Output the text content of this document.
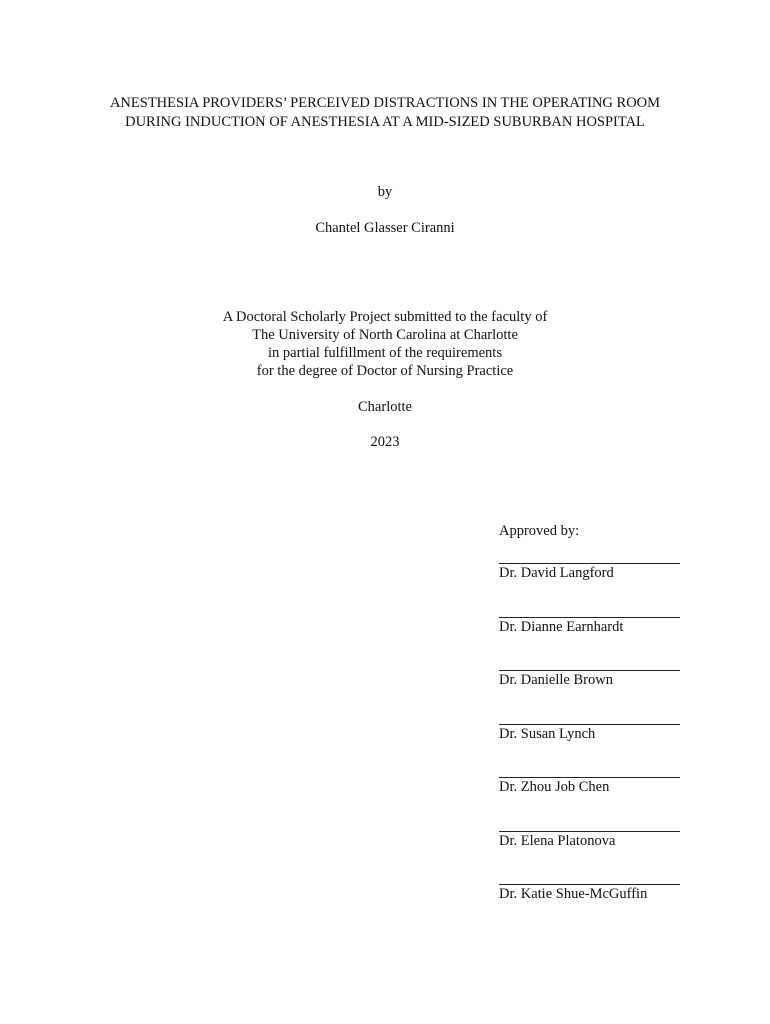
ANESTHESIA PROVIDERS’ PERCEIVED DISTRACTIONS IN THE OPERATING ROOM
DURING INDUCTION OF ANESTHESIA AT A MID-SIZED SUBURBAN HOSPITAL
by
Chantel Glasser Ciranni
A Doctoral Scholarly Project submitted to the faculty of
The University of North Carolina at Charlotte
in partial fulfillment of the requirements
for the degree of Doctor of Nursing Practice
Charlotte
2023
Approved by:
Dr. David Langford
Dr. Dianne Earnhardt
Dr. Danielle Brown
Dr. Susan Lynch
Dr. Zhou Job Chen
Dr. Elena Platonova
Dr. Katie Shue-McGuffin
